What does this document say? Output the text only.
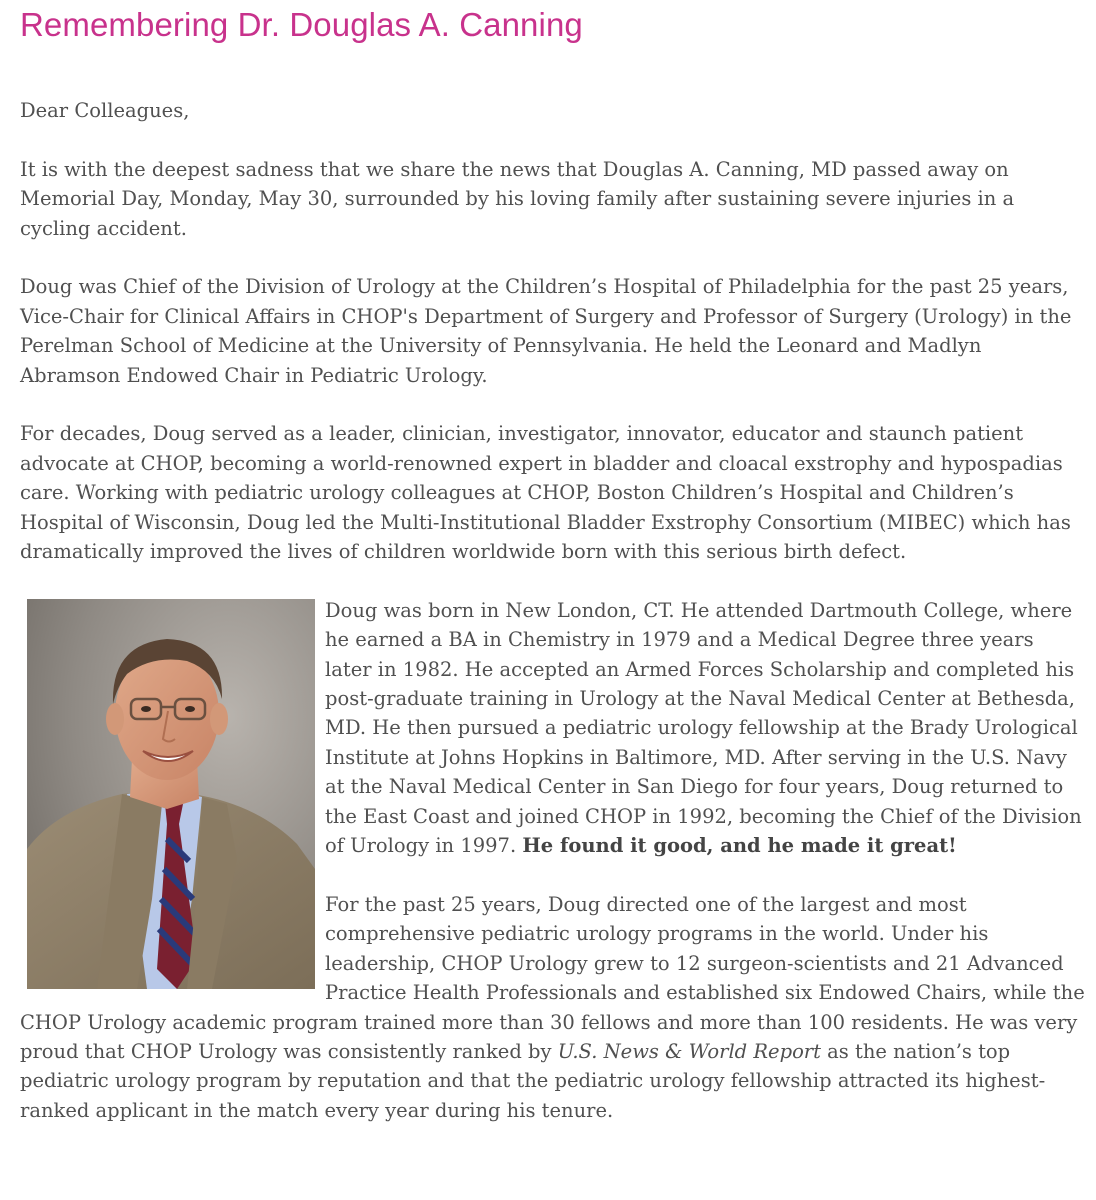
Remembering Dr. Douglas A. Canning

Dear Colleagues,

It is with the deepest sadness that we share the news that Douglas A. Canning, MD passed away on Memorial Day, Monday, May 30, surrounded by his loving family after sustaining severe injuries in a cycling accident.

Doug was Chief of the Division of Urology at the Children’s Hospital of Philadelphia for the past 25 years, Vice-Chair for Clinical Affairs in CHOP's Department of Surgery and Professor of Surgery (Urology) in the Perelman School of Medicine at the University of Pennsylvania. He held the Leonard and Madlyn Abramson Endowed Chair in Pediatric Urology.

For decades, Doug served as a leader, clinician, investigator, innovator, educator and staunch patient advocate at CHOP, becoming a world-renowned expert in bladder and cloacal exstrophy and hypospadias care. Working with pediatric urology colleagues at CHOP, Boston Children’s Hospital and Children’s Hospital of Wisconsin, Doug led the Multi-Institutional Bladder Exstrophy Consortium (MIBEC) which has dramatically improved the lives of children worldwide born with this serious birth defect.

Doug was born in New London, CT. He attended Dartmouth College, where he earned a BA in Chemistry in 1979 and a Medical Degree three years later in 1982. He accepted an Armed Forces Scholarship and completed his post-graduate training in Urology at the Naval Medical Center at Bethesda, MD. He then pursued a pediatric urology fellowship at the Brady Urological Institute at Johns Hopkins in Baltimore, MD. After serving in the U.S. Navy at the Naval Medical Center in San Diego for four years, Doug returned to the East Coast and joined CHOP in 1992, becoming the Chief of the Division of Urology in 1997. He found it good, and he made it great!

For the past 25 years, Doug directed one of the largest and most comprehensive pediatric urology programs in the world. Under his leadership, CHOP Urology grew to 12 surgeon-scientists and 21 Advanced Practice Health Professionals and established six Endowed Chairs, while the CHOP Urology academic program trained more than 30 fellows and more than 100 residents. He was very proud that CHOP Urology was consistently ranked by U.S. News & World Report as the nation’s top pediatric urology program by reputation and that the pediatric urology fellowship attracted its highest-ranked applicant in the match every year during his tenure.
